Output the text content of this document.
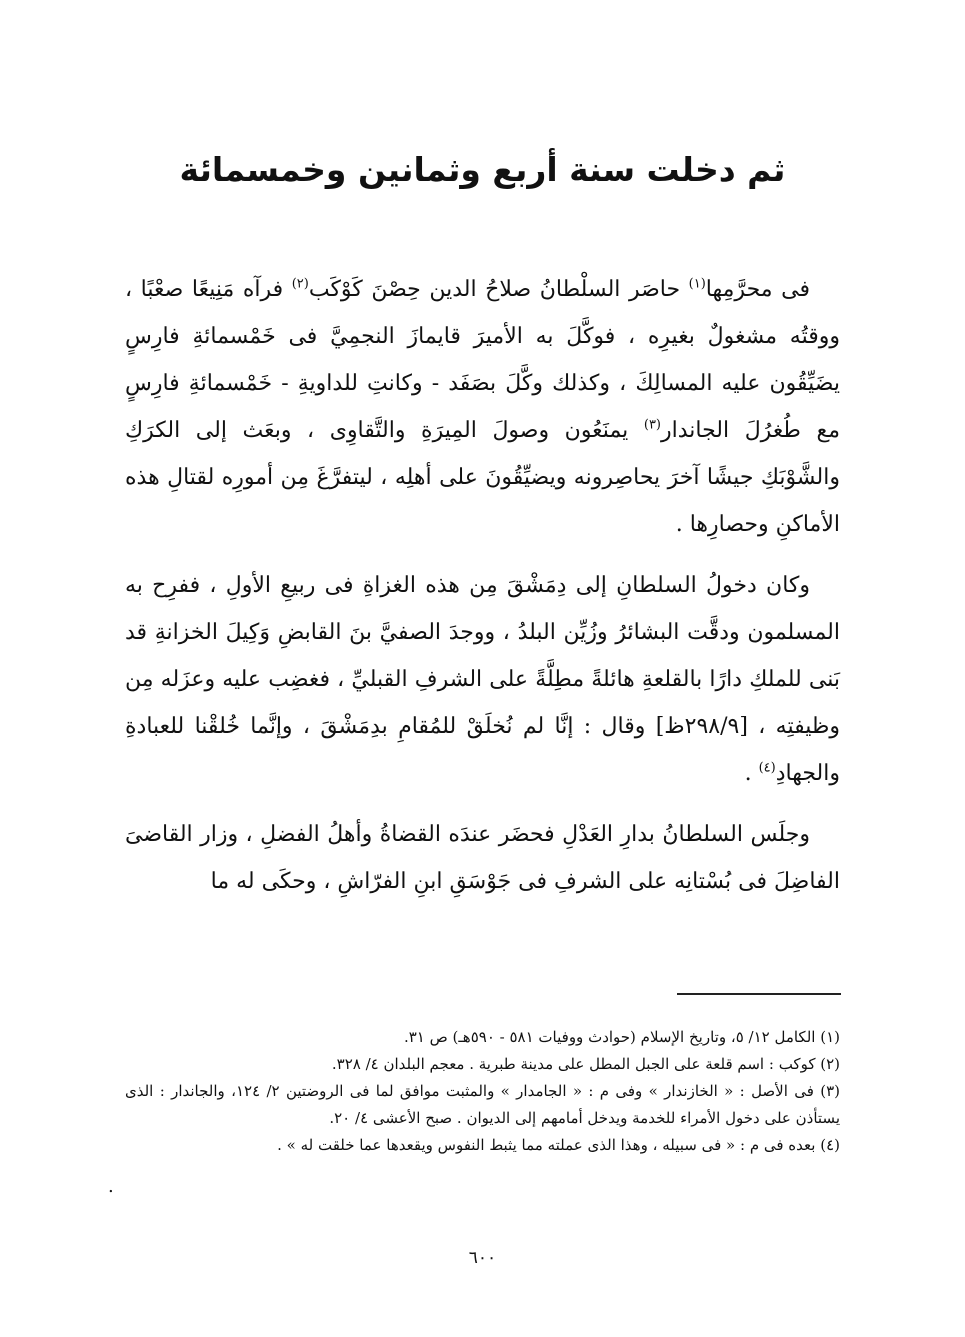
ثم دخلت سنة أربع وثمانين وخمسمائة

فى محرَّمِها$^{(١)}$ حاصَر السلْطانُ صلاحُ الدين حِصْنَ كَوْكَب$^{(٢)}$ فرآه مَنِيعًا صعْبًا ، ووقتُه مشغولٌ بغيرِه ، فوكَّلَ به الأميرَ قايمازَ النجمِيَّ فى خَمْسمائةِ فارِسٍ يضَيِّقُون عليه المسالِكَ ، وكذلك وكَّلَ بصَفَد - وكانتِ للداويةِ - خَمْسمائةِ فارِسٍ مع طُغرُلَ الجاندار$^{(٣)}$ يمنَعُون وصولَ المِيرَةِ والتَّقاوِى ، وبعَث إلى الكرَكِ والشَّوْبَكِ جيشًا آخرَ يحاصِرونه ويضيِّقُونَ على أهلِه ، ليتفرَّغَ مِن أمورِه لقتالِ هذه الأماكنِ وحصارِها .

وكان دخولُ السلطانِ إلى دِمَشْقَ مِن هذه الغزاةِ فى ربيعِ الأولِ ، ففرِح به المسلمون ودقَّت البشائرُ وزُيِّن البلدُ ، ووجدَ الصفيَّ بنَ القابضِ وَكِيلَ الخزانةِ قد بَنى للملكِ دارًا بالقلعةِ هائلةً مطِلَّةً على الشرفِ القبليِّ ، فغضِب عليه وعزَله مِن وظيفتِه ، [٢٩٨/٩ظ] وقال : إنَّا لم نُخلَقْ للمُقامِ بدِمَشْقَ ، وإنَّما خُلقْنا للعبادةِ والجهادِ$^{(٤)}$ .

وجلَس السلطانُ بدارِ العَدْلِ فحضَر عندَه القضاةُ وأهلُ الفضلِ ، وزار القاضىَ الفاضِلَ فى بُسْتانِه على الشرفِ فى جَوْسَقِ ابنِ الفرّاشِ ، وحكَى له ما

(١) الكامل ١٢/ ٥، وتاريخ الإسلام (حوادث ووفيات ٥٨١ - ٥٩٠هـ) ص ٣١.
(٢) كوكب : اسم قلعة على الجبل المطل على مدينة طبرية . معجم البلدان ٤/ ٣٢٨.
(٣) فى الأصل : « الخازندار » وفى م : « الجامدار » والمثبت موافق لما فى الروضتين ٢/ ١٢٤، والجاندار : الذى يستأذن على دخول الأمراء للخدمة ويدخل أمامهم إلى الديوان . صبح الأعشى ٤/ ٢٠.
(٤) بعده فى م : « فى سبيله ، وهذا الذى عملته مما يثبط النفوس ويقعدها عما خلقت له » .
.
٦٠٠
